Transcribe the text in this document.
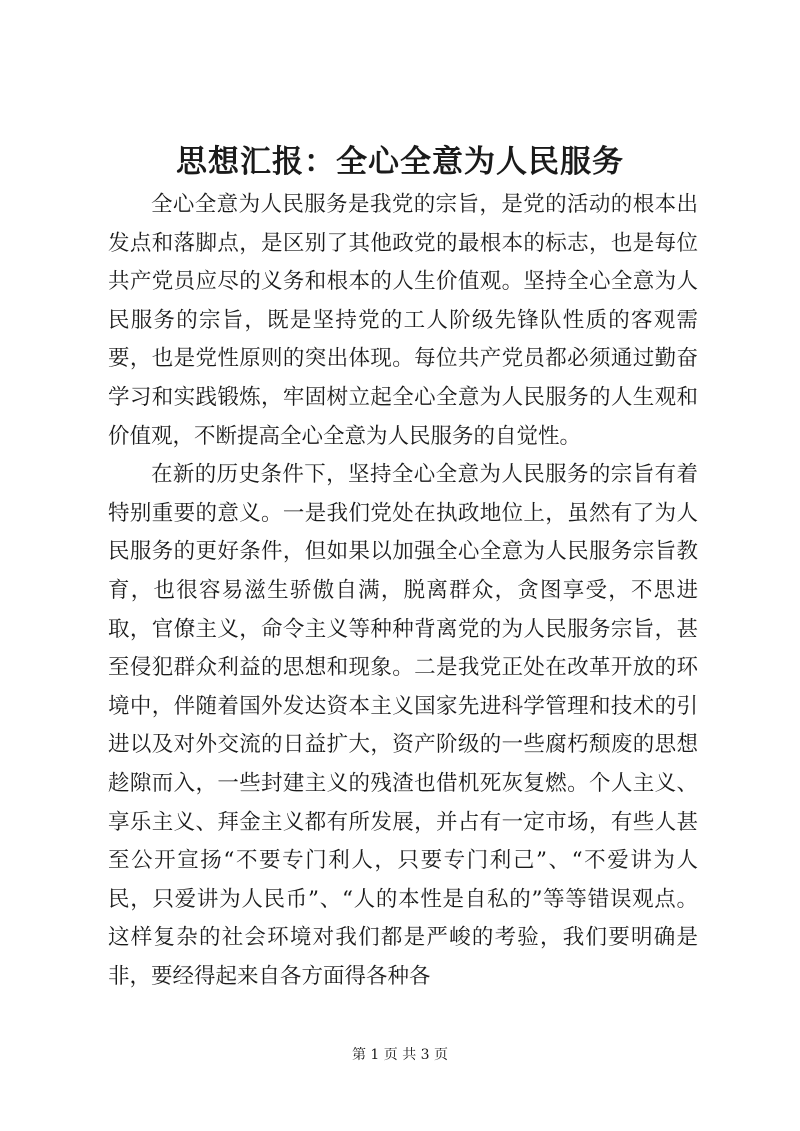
思想汇报：全心全意为人民服务

全心全意为人民服务是我党的宗旨，是党的活动的根本出发点和落脚点，是区别了其他政党的最根本的标志，也是每位共产党员应尽的义务和根本的人生价值观。坚持全心全意为人民服务的宗旨，既是坚持党的工人阶级先锋队性质的客观需要，也是党性原则的突出体现。每位共产党员都必须通过勤奋学习和实践锻炼，牢固树立起全心全意为人民服务的人生观和价值观，不断提高全心全意为人民服务的自觉性。

在新的历史条件下，坚持全心全意为人民服务的宗旨有着特别重要的意义。一是我们党处在执政地位上，虽然有了为人民服务的更好条件，但如果以加强全心全意为人民服务宗旨教育，也很容易滋生骄傲自满，脱离群众，贪图享受，不思进取，官僚主义，命令主义等种种背离党的为人民服务宗旨，甚至侵犯群众利益的思想和现象。二是我党正处在改革开放的环境中，伴随着国外发达资本主义国家先进科学管理和技术的引进以及对外交流的日益扩大，资产阶级的一些腐朽颓废的思想趁隙而入，一些封建主义的残渣也借机死灰复燃。个人主义、享乐主义、拜金主义都有所发展，并占有一定市场，有些人甚至公开宣扬“不要专门利人，只要专门利己”、“不爱讲为人民，只爱讲为人民币”、“人的本性是自私的”等等错误观点。这样复杂的社会环境对我们都是严峻的考验，我们要明确是非，要经得起来自各方面得各种各

第 1 页 共 3 页
